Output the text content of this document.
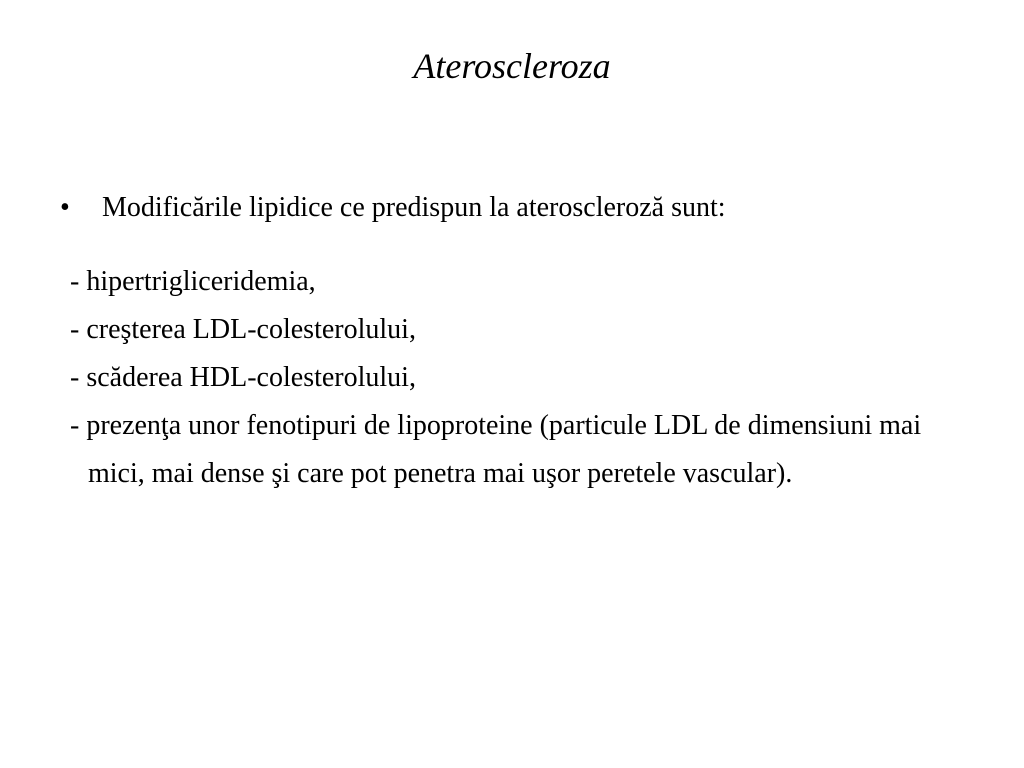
Ateroscleroza
• Modificările lipidice ce predispun la ateroscleroză sunt:
- hipertrigliceridemia,
- creşterea LDL-colesterolului,
- scăderea HDL-colesterolului,
- prezenţa unor fenotipuri de lipoproteine (particule LDL de dimensiuni mai mici, mai dense şi care pot penetra mai uşor peretele vascular).
